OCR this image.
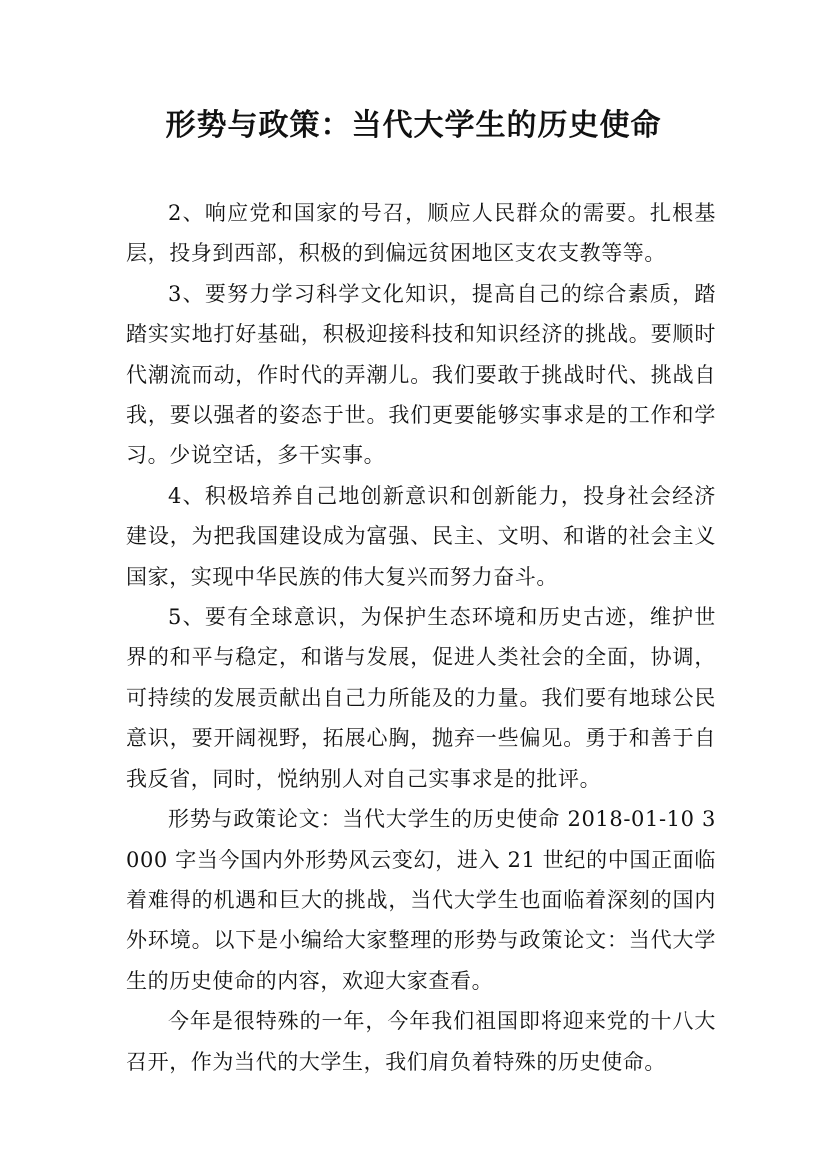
形势与政策：当代大学生的历史使命

2、响应党和国家的号召，顺应人民群众的需要。扎根基层，投身到西部，积极的到偏远贫困地区支农支教等等。

3、要努力学习科学文化知识，提高自己的综合素质，踏踏实实地打好基础，积极迎接科技和知识经济的挑战。要顺时代潮流而动，作时代的弄潮儿。我们要敢于挑战时代、挑战自我，要以强者的姿态于世。我们更要能够实事求是的工作和学习。少说空话，多干实事。

4、积极培养自己地创新意识和创新能力，投身社会经济建设，为把我国建设成为富强、民主、文明、和谐的社会主义国家，实现中华民族的伟大复兴而努力奋斗。

5、要有全球意识，为保护生态环境和历史古迹，维护世界的和平与稳定，和谐与发展，促进人类社会的全面，协调，可持续的发展贡献出自己力所能及的力量。我们要有地球公民意识，要开阔视野，拓展心胸，抛弃一些偏见。勇于和善于自我反省，同时，悦纳别人对自己实事求是的批评。

形势与政策论文：当代大学生的历史使命 2018-01-10 3000 字当今国内外形势风云变幻，进入 21 世纪的中国正面临着难得的机遇和巨大的挑战，当代大学生也面临着深刻的国内外环境。以下是小编给大家整理的形势与政策论文：当代大学生的历史使命的内容，欢迎大家查看。

今年是很特殊的一年，今年我们祖国即将迎来党的十八大召开，作为当代的大学生，我们肩负着特殊的历史使命。
